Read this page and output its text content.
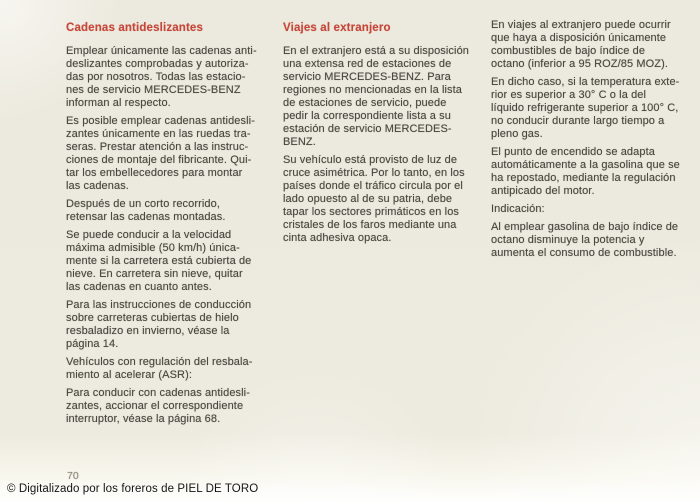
Cadenas antideslizantes

Emplear únicamente las cadenas anti-
deslizantes comprobadas y autoriza-
das por nosotros. Todas las estacio-
nes de servicio MERCEDES-BENZ
informan al respecto.

Es posible emplear cadenas antidesli-
zantes únicamente en las ruedas tra-
seras. Prestar atención a las instruc-
ciones de montaje del fibricante. Qui-
tar los embellecedores para montar
las cadenas.

Después de un corto recorrido,
retensar las cadenas montadas.

Se puede conducir a la velocidad
máxima admisible (50 km/h) única-
mente si la carretera está cubierta de
nieve. En carretera sin nieve, quitar
las cadenas en cuanto antes.

Para las instrucciones de conducción
sobre carreteras cubiertas de hielo
resbaladizo en invierno, véase la
página 14.

Vehículos con regulación del resbala-
miento al acelerar (ASR):

Para conducir con cadenas antidesli-
zantes, accionar el correspondiente
interruptor, véase la página 68.

Viajes al extranjero

En el extranjero está a su disposición
una extensa red de estaciones de
servicio MERCEDES-BENZ. Para
regiones no mencionadas en la lista
de estaciones de servicio, puede
pedir la correspondiente lista a su
estación de servicio MERCEDES-
BENZ.

Su vehículo está provisto de luz de
cruce asimétrica. Por lo tanto, en los
países donde el tráfico circula por el
lado opuesto al de su patria, debe
tapar los sectores primáticos en los
cristales de los faros mediante una
cinta adhesiva opaca.

En viajes al extranjero puede ocurrir
que haya a disposición únicamente
combustibles de bajo índice de
octano (inferior a 95 ROZ/85 MOZ).

En dicho caso, si la temperatura exte-
rior es superior a 30° C o la del
líquido refrigerante superior a 100° C,
no conducir durante largo tiempo a
pleno gas.

El punto de encendido se adapta
automáticamente a la gasolina que se
ha repostado, mediante la regulación
antipicado del motor.

Indicación:

Al emplear gasolina de bajo índice de
octano disminuye la potencia y
aumenta el consumo de combustible.

70
© Digitalizado por los foreros de PIEL DE TORO
